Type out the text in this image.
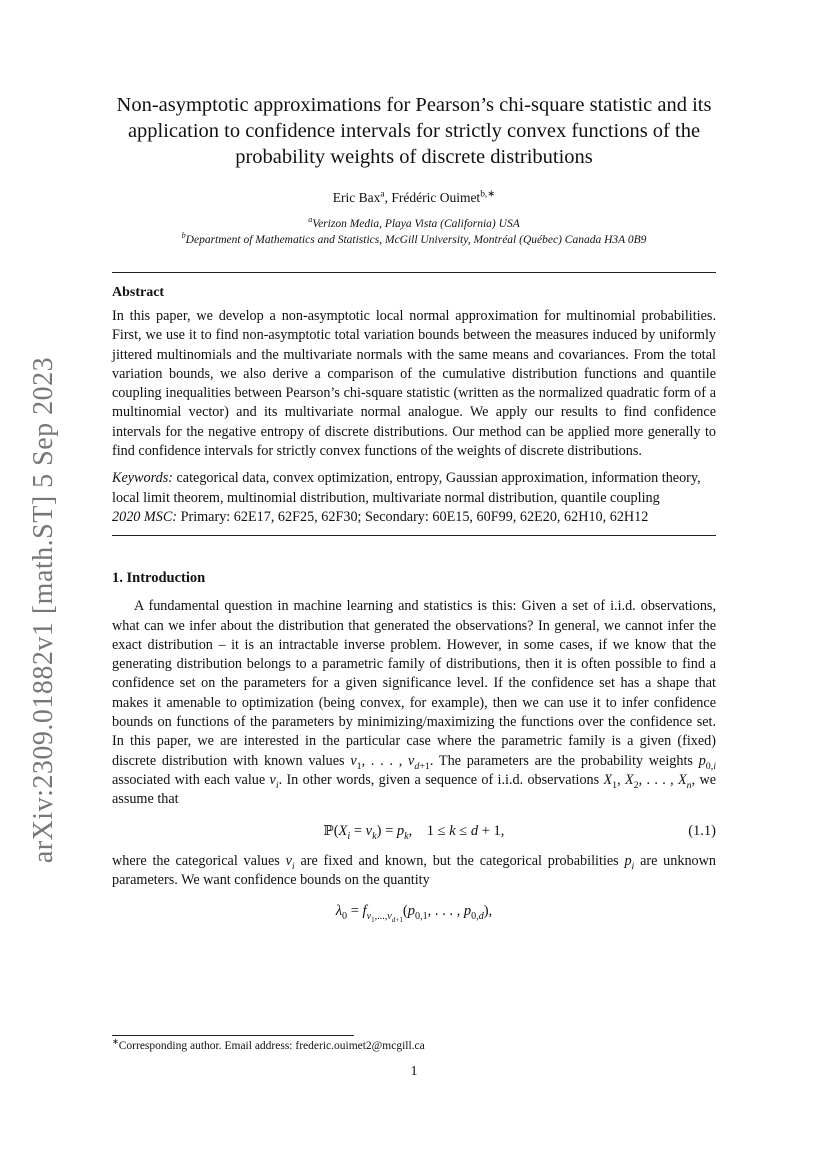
arXiv:2309.01882v1 [math.ST] 5 Sep 2023
Non-asymptotic approximations for Pearson’s chi-square statistic and its application to confidence intervals for strictly convex functions of the probability weights of discrete distributions
Eric Bax$^a$, Frédéric Ouimet$^{b,∗}$
$^a$Verizon Media, Playa Vista (California) USA
$^b$Department of Mathematics and Statistics, McGill University, Montréal (Québec) Canada H3A 0B9
Abstract

In this paper, we develop a non-asymptotic local normal approximation for multinomial probabilities. First, we use it to find non-asymptotic total variation bounds between the measures induced by uniformly jittered multinomials and the multivariate normals with the same means and covariances. From the total variation bounds, we also derive a comparison of the cumulative distribution functions and quantile coupling inequalities between Pearson’s chi-square statistic (written as the normalized quadratic form of a multinomial vector) and its multivariate normal analogue. We apply our results to find confidence intervals for the negative entropy of discrete distributions. Our method can be applied more generally to find confidence intervals for strictly convex functions of the weights of discrete distributions.

Keywords: categorical data, convex optimization, entropy, Gaussian approximation, information theory, local limit theorem, multinomial distribution, multivariate normal distribution, quantile coupling
2020 MSC: Primary: 62E17, 62F25, 62F30; Secondary: 60E15, 60F99, 62E20, 62H10, 62H12
1. Introduction

A fundamental question in machine learning and statistics is this: Given a set of i.i.d. observations, what can we infer about the distribution that generated the observations? In general, we cannot infer the exact distribution – it is an intractable inverse problem. However, in some cases, if we know that the generating distribution belongs to a parametric family of distributions, then it is often possible to find a confidence set on the parameters for a given significance level. If the confidence set has a shape that makes it amenable to optimization (being convex, for example), then we can use it to infer confidence bounds on functions of the parameters by minimizing/maximizing the functions over the confidence set. In this paper, we are interested in the particular case where the parametric family is a given (fixed) discrete distribution with known values $v_1$, . . . , $v_{d+1}$. The parameters are the probability weights $p_{0,i}$ associated with each value $v_i$. In other words, given a sequence of i.i.d. observations $X_1$, $X_2$, . . . , $X_n$, we assume that

$ℙ(X_i = v_k) = p_k$,    1 ≤ k ≤ d + 1,	(1.1)

where the categorical values $v_i$ are fixed and known, but the categorical probabilities $p_i$ are unknown parameters. We want confidence bounds on the quantity

$\lambda_0 = f_{v_1,...,v_{d+1}}(p_{0,1}$, . . . , $p_{0,d}$),
∗Corresponding author. Email address: frederic.ouimet2@mcgill.ca
1
